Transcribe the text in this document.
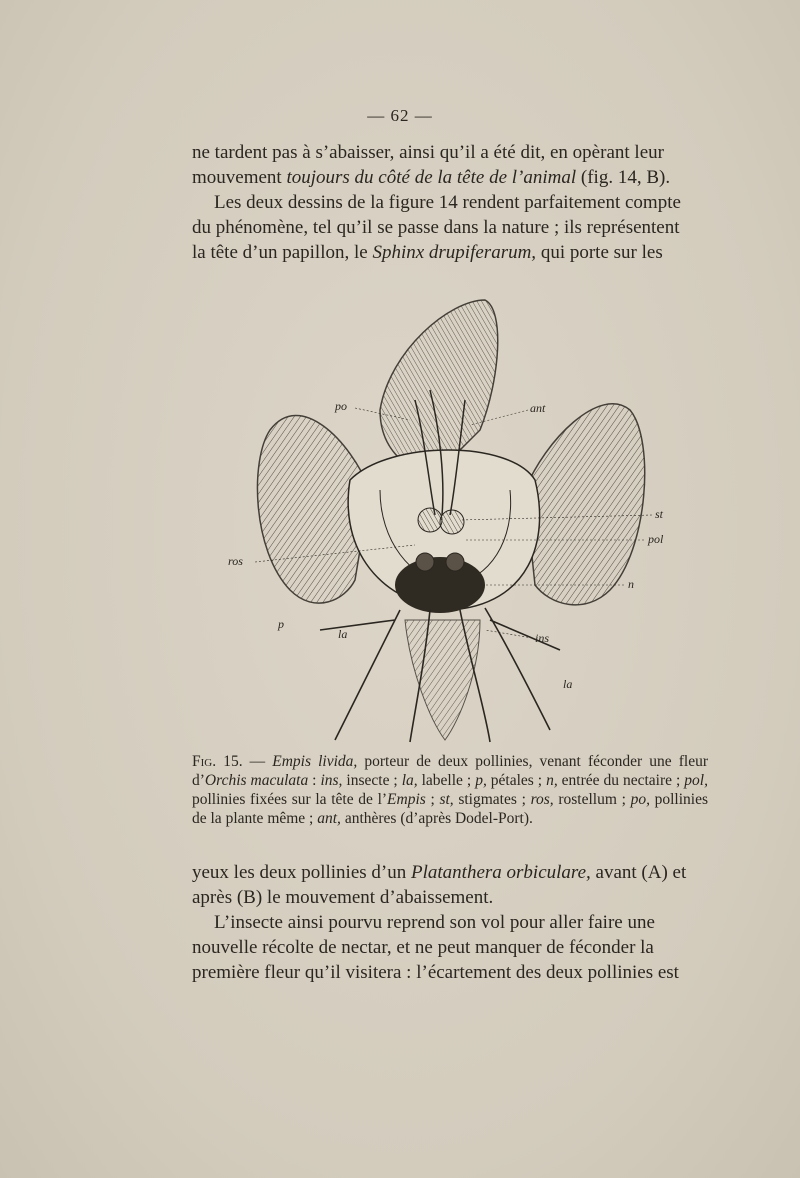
— 62 —

ne tardent pas à s’abaisser, ainsi qu’il a été dit, en opèrant leur

mouvement toujours du côté de la tête de l’animal (fig. 14, B).

Les deux dessins de la figure 14 rendent parfaitement compte

du phénomène, tel qu’il se passe dans la nature ; ils représentent

la tête d’un papillon, le Sphinx drupiferarum, qui porte sur les

po	ant
st
pol
ros
n
p
la	ins
la
Fig. 15. — Empis livida, porteur de deux pollinies, venant féconder une fleur d’Orchis maculata : ins, insecte ; la, labelle ; p, pétales ; n, entrée du nectaire ; pol, pollinies fixées sur la tête de l’Empis ; st, stigmates ; ros, rostellum ; po, pollinies de la plante même ; ant, anthères (d’après Dodel-Port).

yeux les deux pollinies d’un Platanthera orbiculare, avant (A) et

après (B) le mouvement d’abaissement.

L’insecte ainsi pourvu reprend son vol pour aller faire une

nouvelle récolte de nectar, et ne peut manquer de féconder la

première fleur qu’il visitera : l’écartement des deux pollinies est
